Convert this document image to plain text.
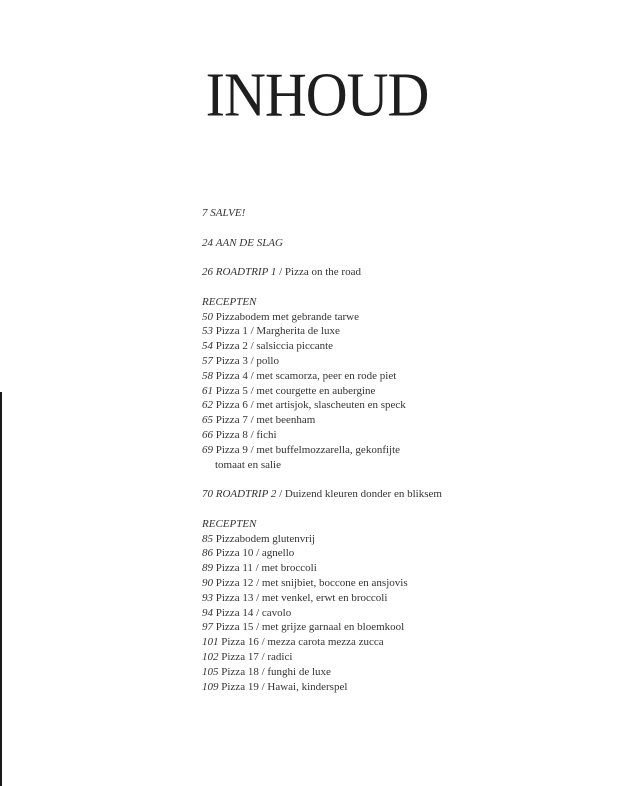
INHOUD
7 SALVE!
24 AAN DE SLAG
26 ROADTRIP 1 / Pizza on the road
RECEPTEN
50 Pizzabodem met gebrande tarwe
53 Pizza 1 / Margherita de luxe
54 Pizza 2 / salsiccia piccante
57 Pizza 3 / pollo
58 Pizza 4 / met scamorza, peer en rode piet
61 Pizza 5 / met courgette en aubergine
62 Pizza 6 / met artisjok, slascheuten en speck
65 Pizza 7 / met beenham
66 Pizza 8 / fichi
69 Pizza 9 / met buffelmozzarella, gekonfijte
tomaat en salie
70 ROADTRIP 2 / Duizend kleuren donder en bliksem
RECEPTEN
85 Pizzabodem glutenvrij
86 Pizza 10 / agnello
89 Pizza 11 / met broccoli
90 Pizza 12 / met snijbiet, boccone en ansjovis
93 Pizza 13 / met venkel, erwt en broccoli
94 Pizza 14 / cavolo
97 Pizza 15 / met grijze garnaal en bloemkool
101 Pizza 16 / mezza carota mezza zucca
102 Pizza 17 / radici
105 Pizza 18 / funghi de luxe
109 Pizza 19 / Hawai, kinderspel
